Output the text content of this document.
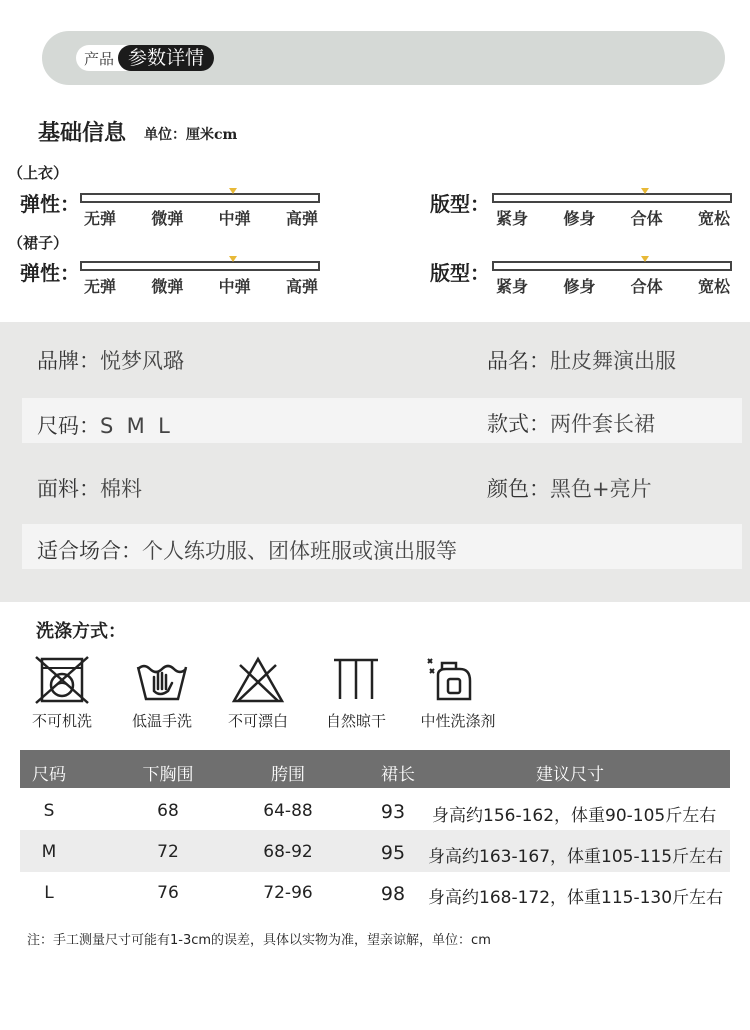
产品 参数详情
基础信息 单位：厘米cm
（上衣）
弹性：
无弹 微弹 中弹 高弹
版型：
紧身 修身 合体 宽松
（裙子）
弹性：
无弹 微弹 中弹 高弹
版型：
紧身 修身 合体 宽松
品牌：悦梦风璐	品名：肚皮舞演出服
尺码：S  M  L	款式：两件套长裙
面料：棉料	颜色：黑色+亮片
适合场合：个人练功服、团体班服或演出服等
洗涤方式：
不可机洗	低温手洗	不可漂白	自然晾干	中性洗涤剂
尺码	下胸围	胯围	裙长	建议尺寸
S	68	64-88	93	身高约156-162，体重90-105斤左右
M	72	68-92	95	身高约163-167，体重105-115斤左右
L	76	72-96	98	身高约168-172，体重115-130斤左右
注：手工测量尺寸可能有1-3cm的误差，具体以实物为准，望亲谅解，单位：cm
